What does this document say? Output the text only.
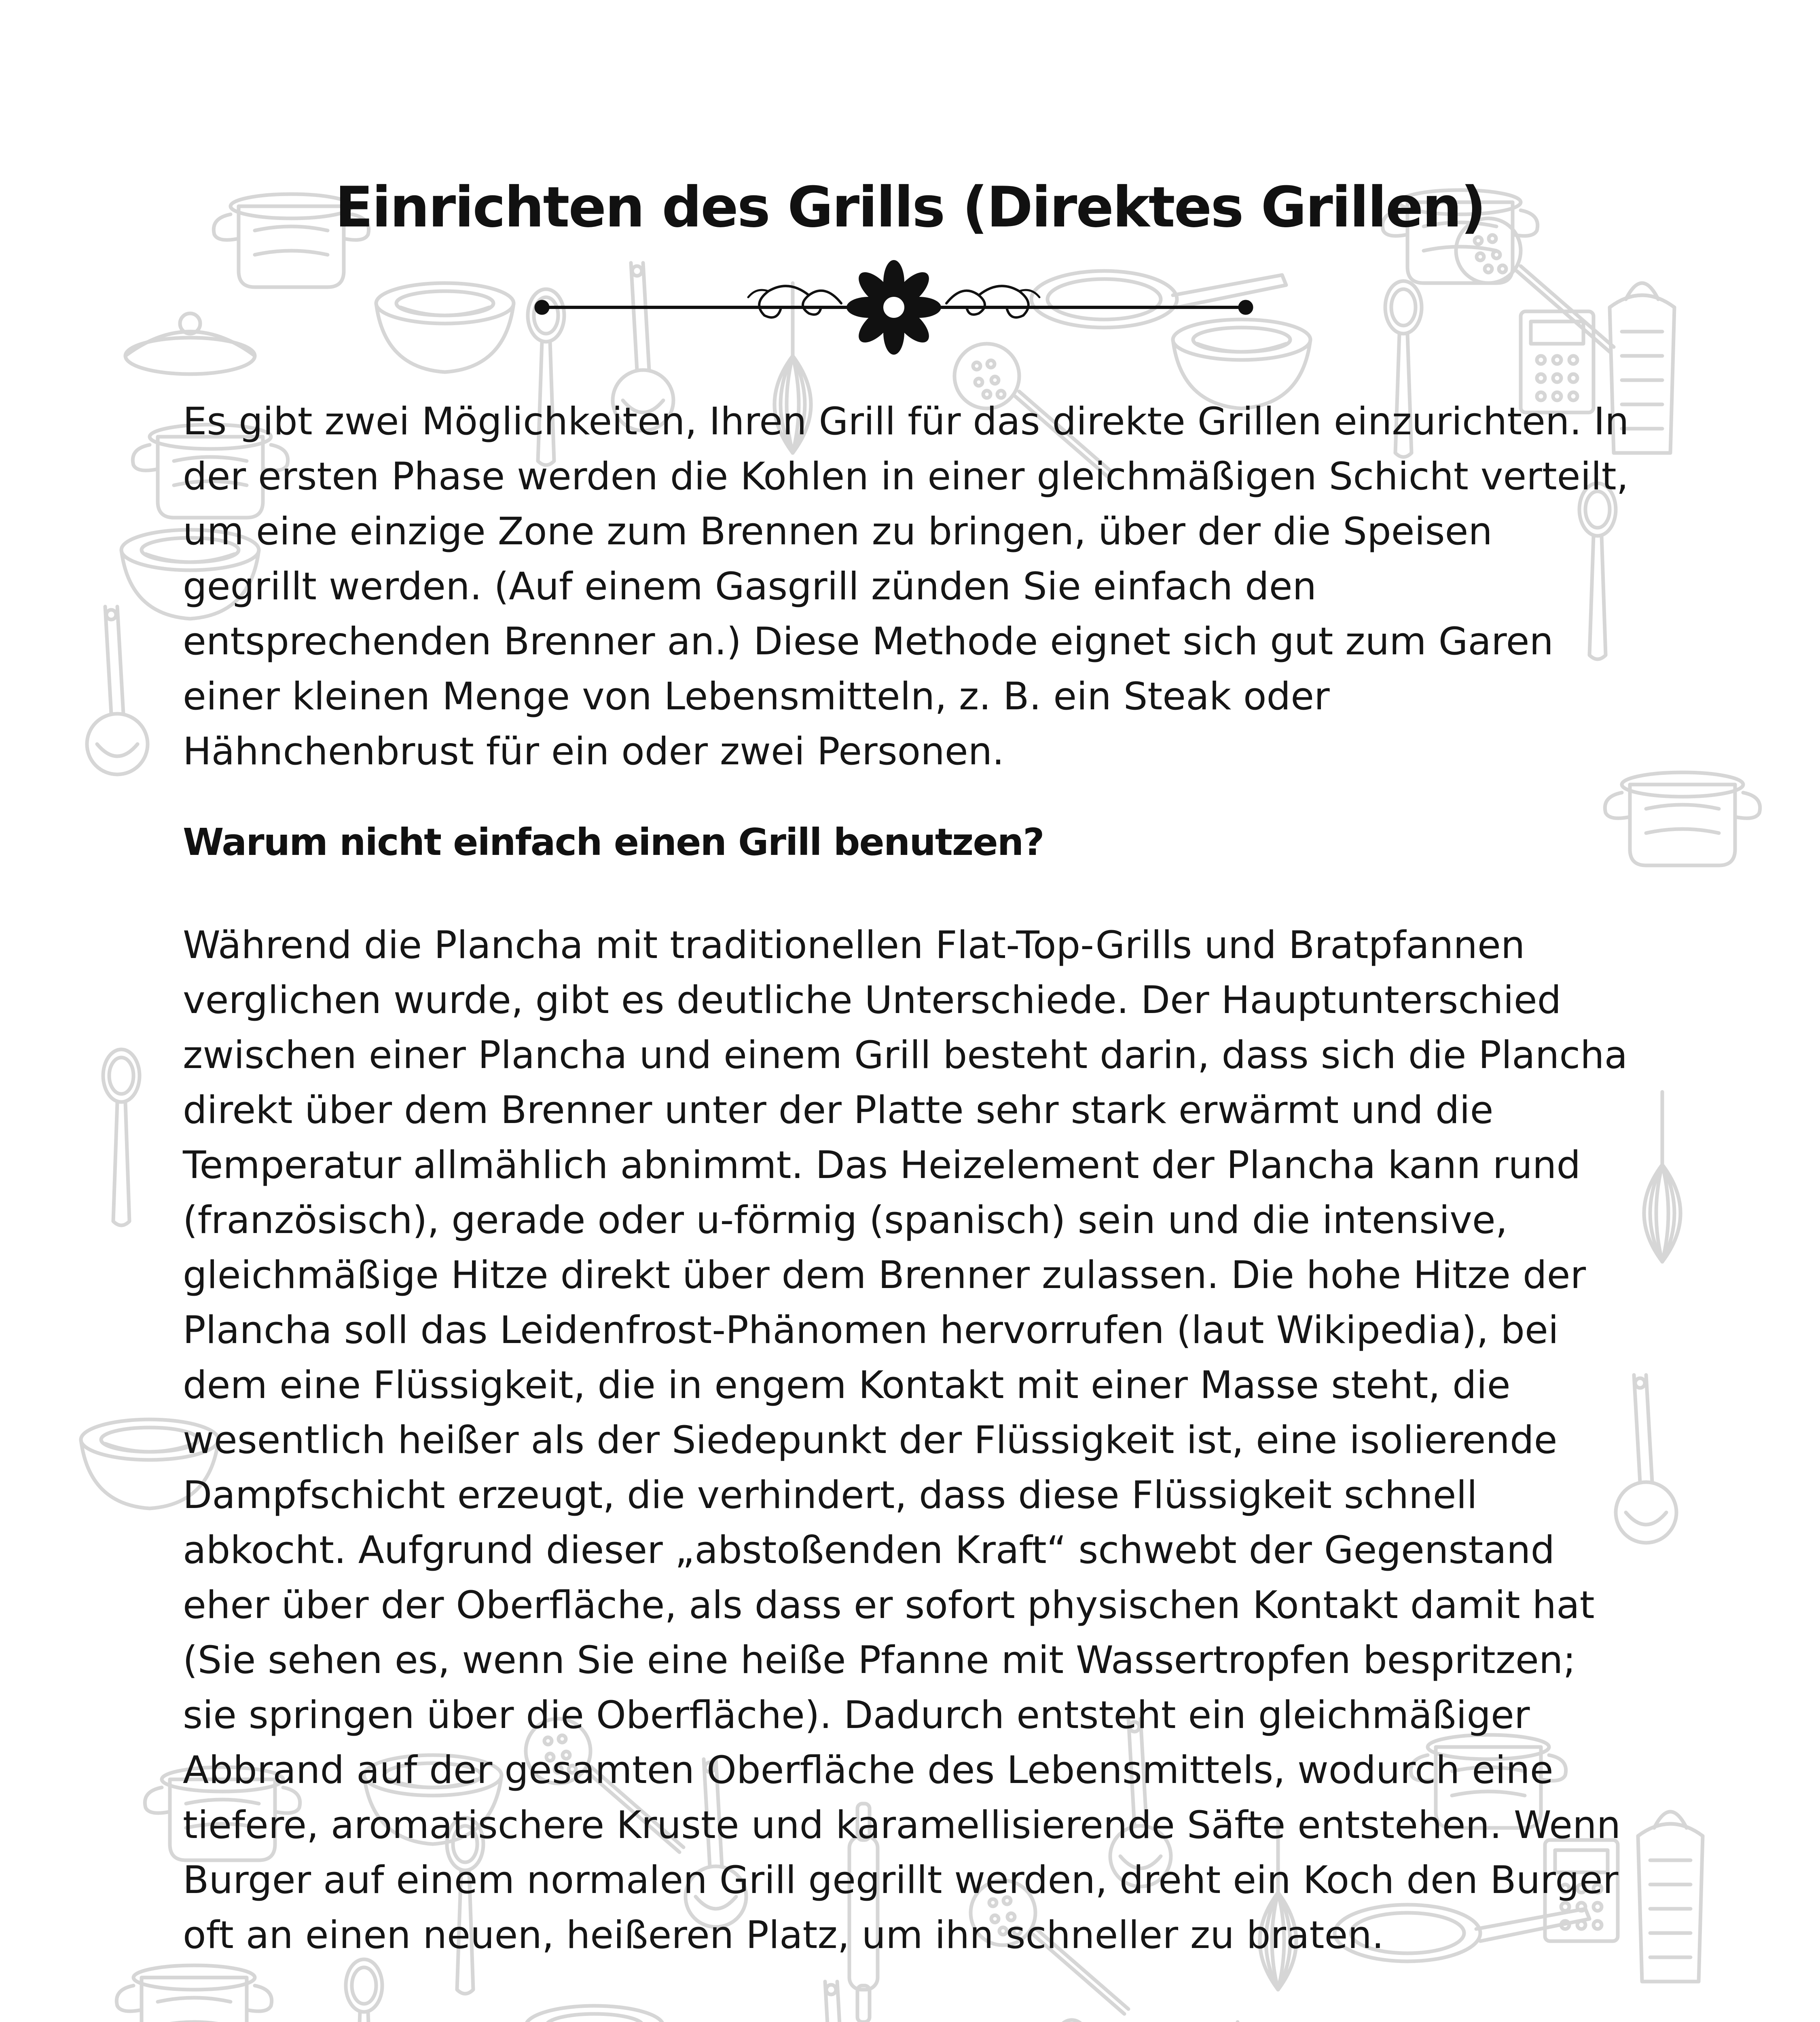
Einrichten des Grills (Direktes Grillen)

Es gibt zwei Möglichkeiten, Ihren Grill für das direkte Grillen einzurichten. In
der ersten Phase werden die Kohlen in einer gleichmäßigen Schicht verteilt,
um eine einzige Zone zum Brennen zu bringen, über der die Speisen
gegrillt werden. (Auf einem Gasgrill zünden Sie einfach den
entsprechenden Brenner an.) Diese Methode eignet sich gut zum Garen
einer kleinen Menge von Lebensmitteln, z. B. ein Steak oder
Hähnchenbrust für ein oder zwei Personen.

Warum nicht einfach einen Grill benutzen?

Während die Plancha mit traditionellen Flat-Top-Grills und Bratpfannen
verglichen wurde, gibt es deutliche Unterschiede. Der Hauptunterschied
zwischen einer Plancha und einem Grill besteht darin, dass sich die Plancha
direkt über dem Brenner unter der Platte sehr stark erwärmt und die
Temperatur allmählich abnimmt. Das Heizelement der Plancha kann rund
(französisch), gerade oder u-förmig (spanisch) sein und die intensive,
gleichmäßige Hitze direkt über dem Brenner zulassen. Die hohe Hitze der
Plancha soll das Leidenfrost-Phänomen hervorrufen (laut Wikipedia), bei
dem eine Flüssigkeit, die in engem Kontakt mit einer Masse steht, die
wesentlich heißer als der Siedepunkt der Flüssigkeit ist, eine isolierende
Dampfschicht erzeugt, die verhindert, dass diese Flüssigkeit schnell
abkocht. Aufgrund dieser „abstoßenden Kraft“ schwebt der Gegenstand
eher über der Oberfläche, als dass er sofort physischen Kontakt damit hat
(Sie sehen es, wenn Sie eine heiße Pfanne mit Wassertropfen bespritzen;
sie springen über die Oberfläche). Dadurch entsteht ein gleichmäßiger
Abbrand auf der gesamten Oberfläche des Lebensmittels, wodurch eine
tiefere, aromatischere Kruste und karamellisierende Säfte entstehen. Wenn
Burger auf einem normalen Grill gegrillt werden, dreht ein Koch den Burger
oft an einen neuen, heißeren Platz, um ihn schneller zu braten.
